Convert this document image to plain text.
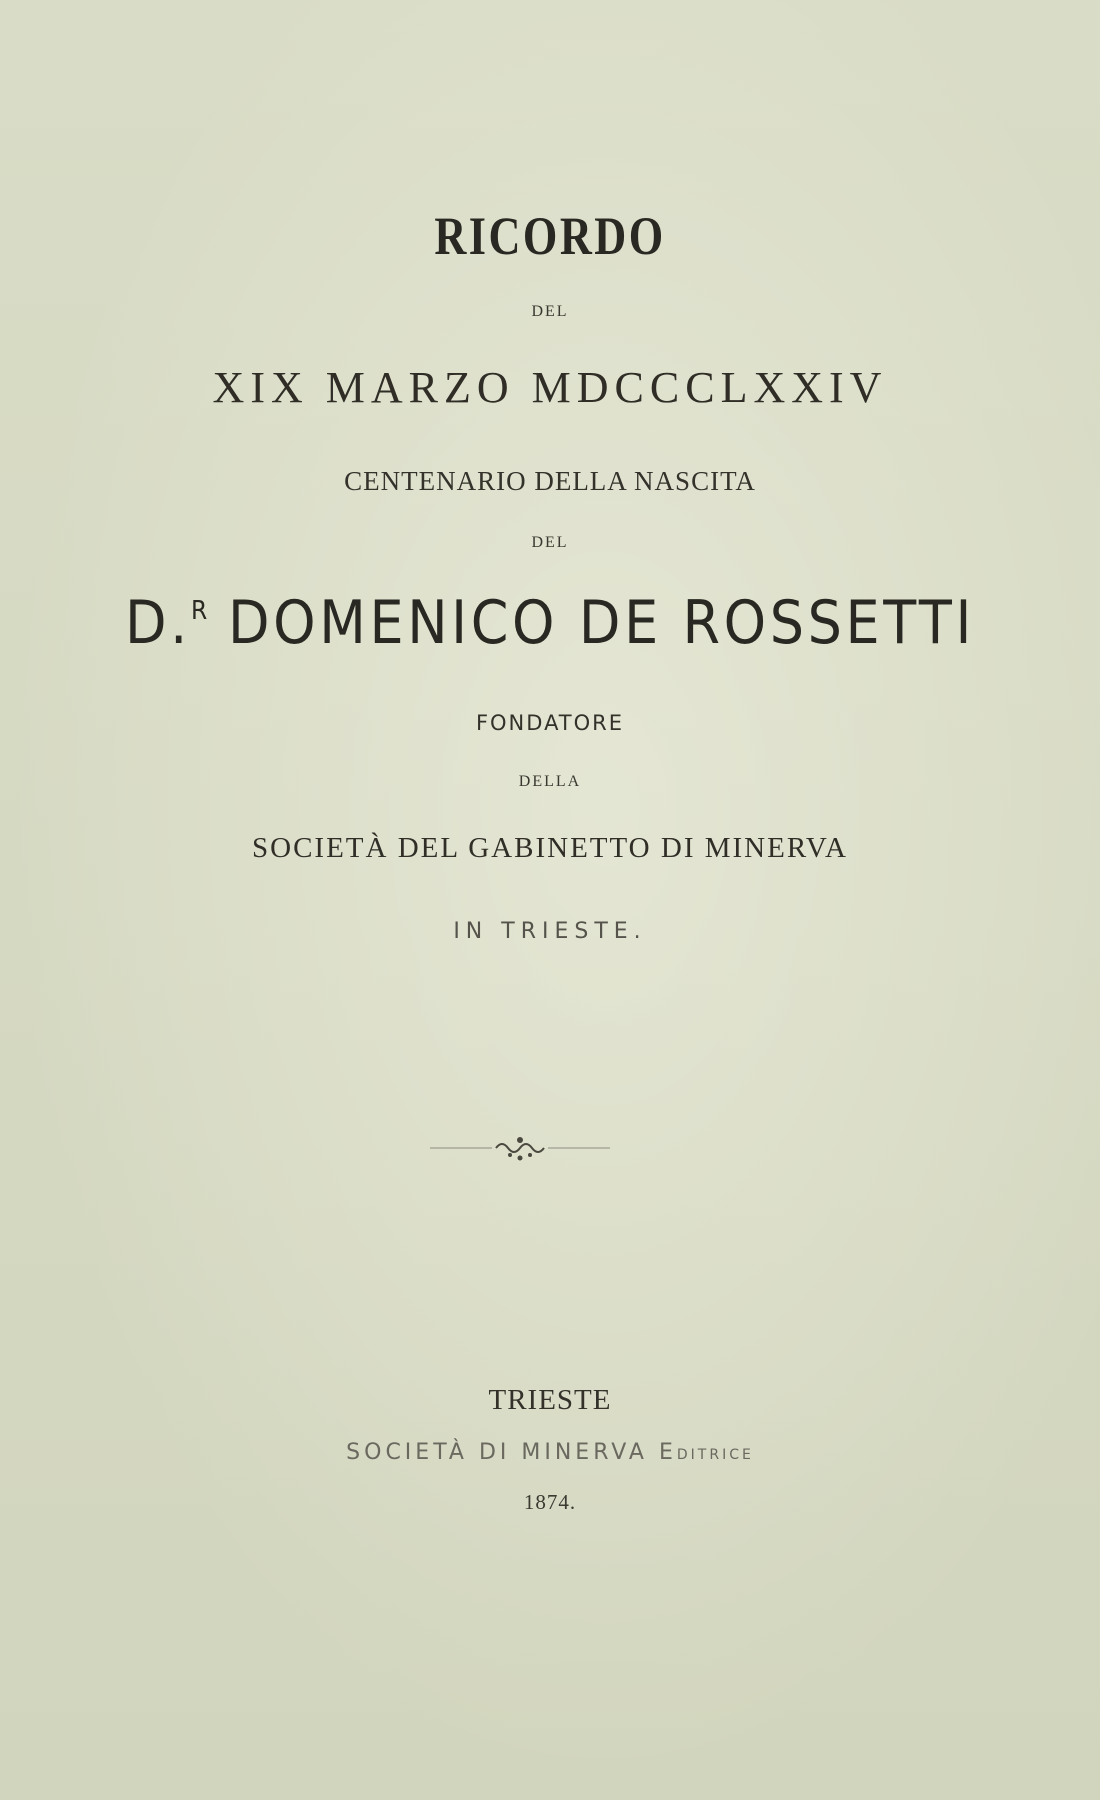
RICORDO
DEL
XIX MARZO MDCCCLXXIV
CENTENARIO DELLA NASCITA
DEL
D.$^R$ DOMENICO DE ROSSETTI
FONDATORE
DELLA
SOCIETÀ DEL GABINETTO DI MINERVA
IN TRIESTE.
TRIESTE
SOCIETÀ DI MINERVA EDITRICE
1874.
